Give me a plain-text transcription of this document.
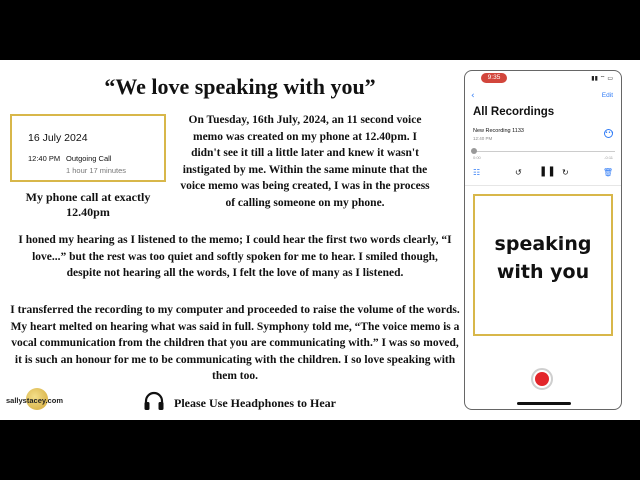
“We love speaking with you”
16 July 2024
12:40 PM Outgoing Call
1 hour 17 minutes
My phone call at exactly 12.40pm
On Tuesday, 16th July, 2024, an 11 second voice memo was created on my phone at 12.40pm. I didn't see it till a little later and knew it wasn't instigated by me. Within the same minute that the voice memo was being created, I was in the process of calling someone on my phone.
I honed my hearing as I listened to the memo; I could hear the first two words clearly, “I love...” but the rest was too quiet and softly spoken for me to hear. I smiled though, despite not hearing all the words, I felt the love of many as I listened.
I transferred the recording to my computer and proceeded to raise the volume of the words. My heart melted on hearing what was said in full. Symphony told me, “The voice memo is a vocal communication from the children that you are communicating with.” I was so moved, it is such an honour for me to be communicating with the children. I so love speaking with them too.
sallystacey.com	Please Use Headphones to Hear
9:35	▮▮ ⌔ ▭
‹	Edit
All Recordings
New Recording 1133
12:40 PM
•••
0:00	-0:11
☷	↺ ❚❚ ↻	🗑
speaking with you
